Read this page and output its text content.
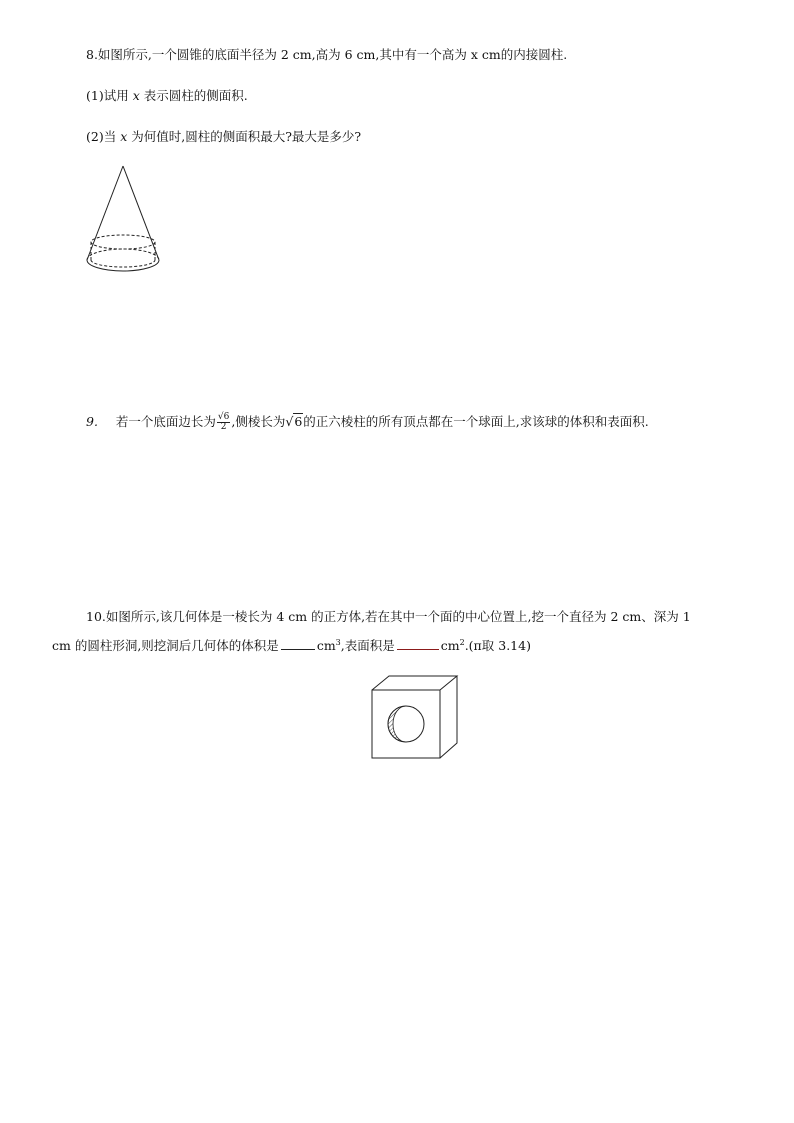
8.如图所示,一个圆锥的底面半径为 2 cm,高为 6 cm,其中有一个高为 x cm的内接圆柱.
(1)试用 x 表示圆柱的侧面积.
(2)当 x 为何值时,圆柱的侧面积最大?最大是多少?
9. 若一个底面边长为 $\frac{√6}{2}$ ,侧棱长为√6的正六棱柱的所有顶点都在一个球面上,求该球的体积和表面积.
10.如图所示,该几何体是一棱长为 4 cm 的正方体,若在其中一个面的中心位置上,挖一个直径为 2 cm、深为 1
cm 的圆柱形洞,则挖洞后几何体的体积是	$cm^3$,表面积是	$cm^2.(\pi$取 3.14)
